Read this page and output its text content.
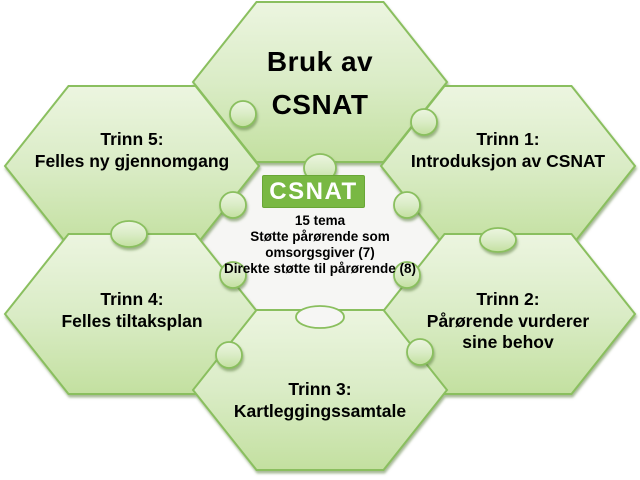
Bruk av
CSNAT
Trinn 1:
Introduksjon av CSNAT
Trinn 2:
Pårørende vurderer
sine behov
Trinn 3:
Kartleggingssamtale
Trinn 4:
Felles tiltaksplan
Trinn 5:
Felles ny gjennomgang
CSNAT
15 tema
Støtte pårørende som
omsorgsgiver (7)
Direkte støtte til pårørende (8)
